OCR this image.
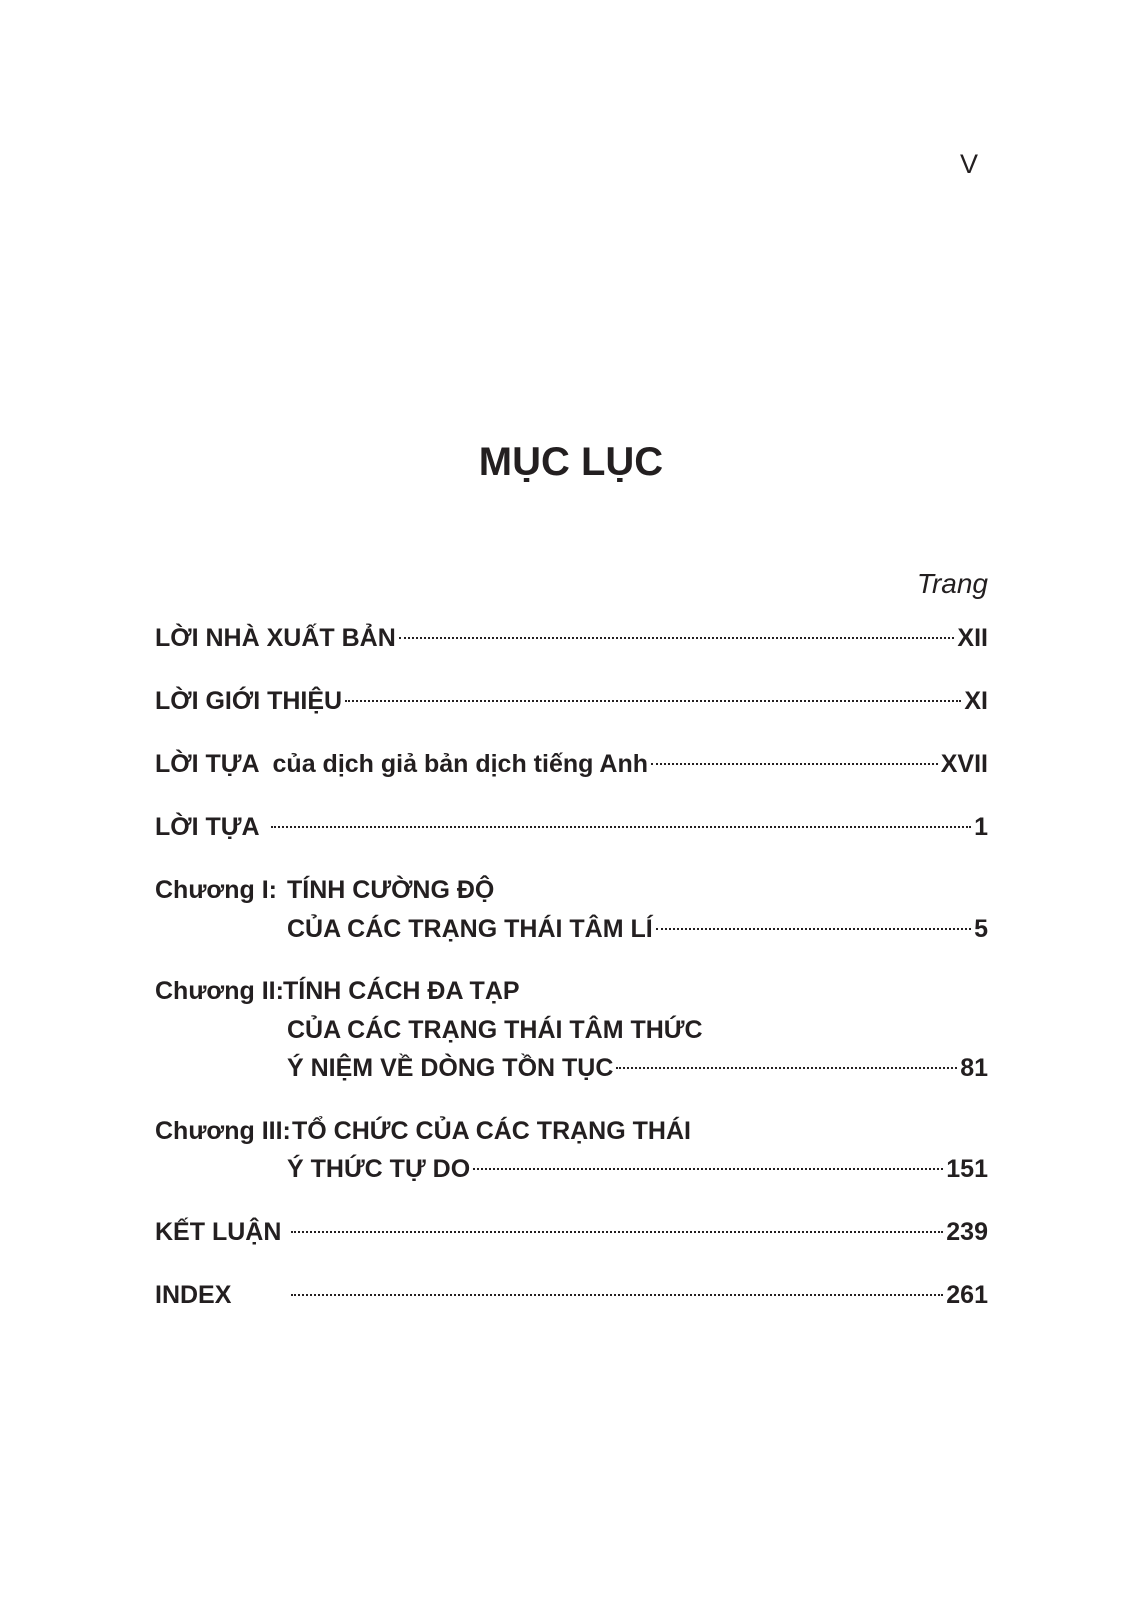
V
MỤC LỤC
Trang
LỜI NHÀ XUẤT BẢN	XII
LỜI GIỚI THIỆU	XI
LỜI TỰA  của dịch giả bản dịch tiếng Anh	XVII
LỜI TỰA	1
Chương I: TÍNH CƯỜNG ĐỘ
CỦA CÁC TRẠNG THÁI TÂM LÍ	5
Chương II: TÍNH CÁCH ĐA TẠP
CỦA CÁC TRẠNG THÁI TÂM THỨC
Ý NIỆM VỀ DÒNG TỒN TỤC	81
Chương III: TỔ CHỨC CỦA CÁC TRẠNG THÁI
Ý THỨC TỰ DO	151
KẾT LUẬN	239
INDEX	261
